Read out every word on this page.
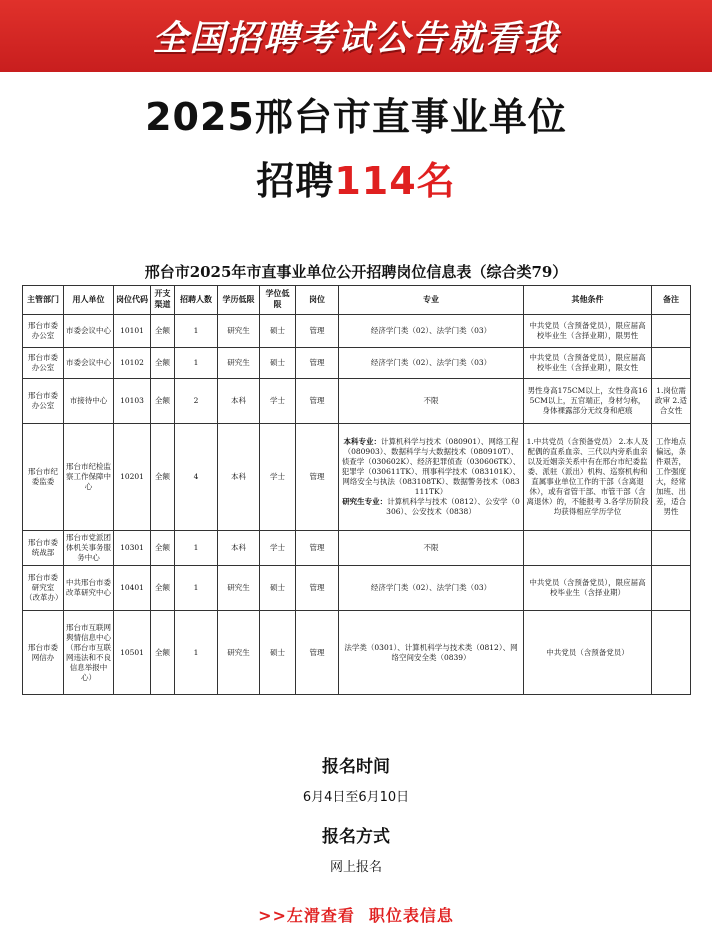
全国招聘考试公告就看我
2025邢台市直事业单位
招聘114名
邢台市2025年市直事业单位公开招聘岗位信息表（综合类79）
主管部门	用人单位	岗位代码	开支渠道	招聘人数	学历低限	学位低限	岗位	专业	其他条件	备注
邢台市委办公室	市委会议中心	10101	全额	1	研究生	硕士	管理	经济学门类（02）、法学门类（03）	中共党员（含预备党员），限应届高校毕业生（含择业期），限男性	
邢台市委办公室	市委会议中心	10102	全额	1	研究生	硕士	管理	经济学门类（02）、法学门类（03）	中共党员（含预备党员），限应届高校毕业生（含择业期），限女性	
邢台市委办公室	市接待中心	10103	全额	2	本科	学士	管理	不限	男性身高175CM以上，女性身高165CM以上，五官端正，身材匀称，身体裸露部分无纹身和疤痕	1.岗位需政审 2.适合女性
邢台市纪委监委	邢台市纪检监察工作保障中心	10201	全额	4	本科	学士	管理	本科专业：计算机科学与技术（080901）、网络工程（080903）、数据科学与大数据技术（080910T）、侦查学（030602K）、经济犯罪侦查（030606TK）、犯罪学（030611TK）、刑事科学技术（083101K）、网络安全与执法（083108TK）、数据警务技术（083111TK）
研究生专业：计算机科学与技术（0812）、公安学（0306）、公安技术（0838）	1.中共党员（含预备党员） 2.本人及配偶的直系血亲、三代以内旁系血亲以及近姻亲关系中有在邢台市纪委监委、派驻（派出）机构、巡察机构和直属事业单位工作的干部（含离退休），或有省管干部、市管干部（含离退休）的，不能报考 3.各学历阶段均获得相应学历学位	工作地点偏远，条件艰苦，工作强度大，经常加班、出差，适合男性
邢台市委统战部	邢台市党派团体机关事务服务中心	10301	全额	1	本科	学士	管理	不限		
邢台市委研究室（改革办）	中共邢台市委改革研究中心	10401	全额	1	研究生	硕士	管理	经济学门类（02）、法学门类（03）	中共党员（含预备党员），限应届高校毕业生（含择业期）	
邢台市委网信办	邢台市互联网舆情信息中心（邢台市互联网违法和不良信息举报中心）	10501	全额	1	研究生	硕士	管理	法学类（0301）、计算机科学与技术类（0812）、网络空间安全类（0839）	中共党员（含预备党员）	
报名时间
6月4日至6月10日
报名方式
网上报名
>>左滑查看 职位表信息
